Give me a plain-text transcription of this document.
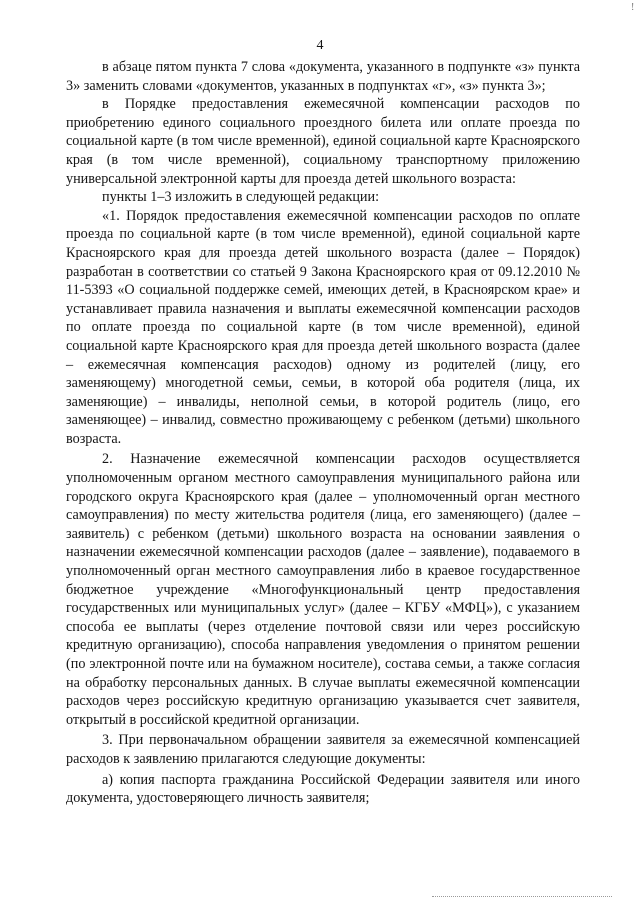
!
4

в абзаце пятом пункта 7 слова «документа, указанного в подпункте «з» пункта 3» заменить словами «документов, указанных в подпунктах «г», «з» пункта 3»;

в Порядке предоставления ежемесячной компенсации расходов по приобретению единого социального проездного билета или оплате проезда по социальной карте (в том числе временной), единой социальной карте Красноярского края (в том числе временной), социальному транспортному приложению универсальной электронной карты для проезда детей школьного возраста:

пункты 1–3 изложить в следующей редакции:

«1. Порядок предоставления ежемесячной компенсации расходов по оплате проезда по социальной карте (в том числе временной), единой социальной карте Красноярского края для проезда детей школьного возраста (далее – Порядок) разработан в соответствии со статьей 9 Закона Красноярского края от 09.12.2010 № 11-5393 «О социальной поддержке семей, имеющих детей, в Красноярском крае» и устанавливает правила назначения и выплаты ежемесячной компенсации расходов по оплате проезда по социальной карте (в том числе временной), единой социальной карте Красноярского края для проезда детей школьного возраста (далее – ежемесячная компенсация расходов) одному из родителей (лицу, его заменяющему) многодетной семьи, семьи, в которой оба родителя (лица, их заменяющие) – инвалиды, неполной семьи, в которой родитель (лицо, его заменяющее) – инвалид, совместно проживающему с ребенком (детьми) школьного возраста.

2. Назначение ежемесячной компенсации расходов осуществляется уполномоченным органом местного самоуправления муниципального района или городского округа Красноярского края (далее – уполномоченный орган местного самоуправления) по месту жительства родителя (лица, его заменяющего) (далее – заявитель) с ребенком (детьми) школьного возраста на основании заявления о назначении ежемесячной компенсации расходов (далее – заявление), подаваемого в уполномоченный орган местного самоуправления либо в краевое государственное бюджетное учреждение «Многофункциональный центр предоставления государственных или муниципальных услуг» (далее – КГБУ «МФЦ»), с указанием способа ее выплаты (через отделение почтовой связи или через российскую кредитную организацию), способа направления уведомления о принятом решении (по электронной почте или на бумажном носителе), состава семьи, а также согласия на обработку персональных данных. В случае выплаты ежемесячной компенсации расходов через российскую кредитную организацию указывается счет заявителя, открытый в российской кредитной организации.

3. При первоначальном обращении заявителя за ежемесячной компенсацией расходов к заявлению прилагаются следующие документы:

а) копия паспорта гражданина Российской Федерации заявителя или иного документа, удостоверяющего личность заявителя;
